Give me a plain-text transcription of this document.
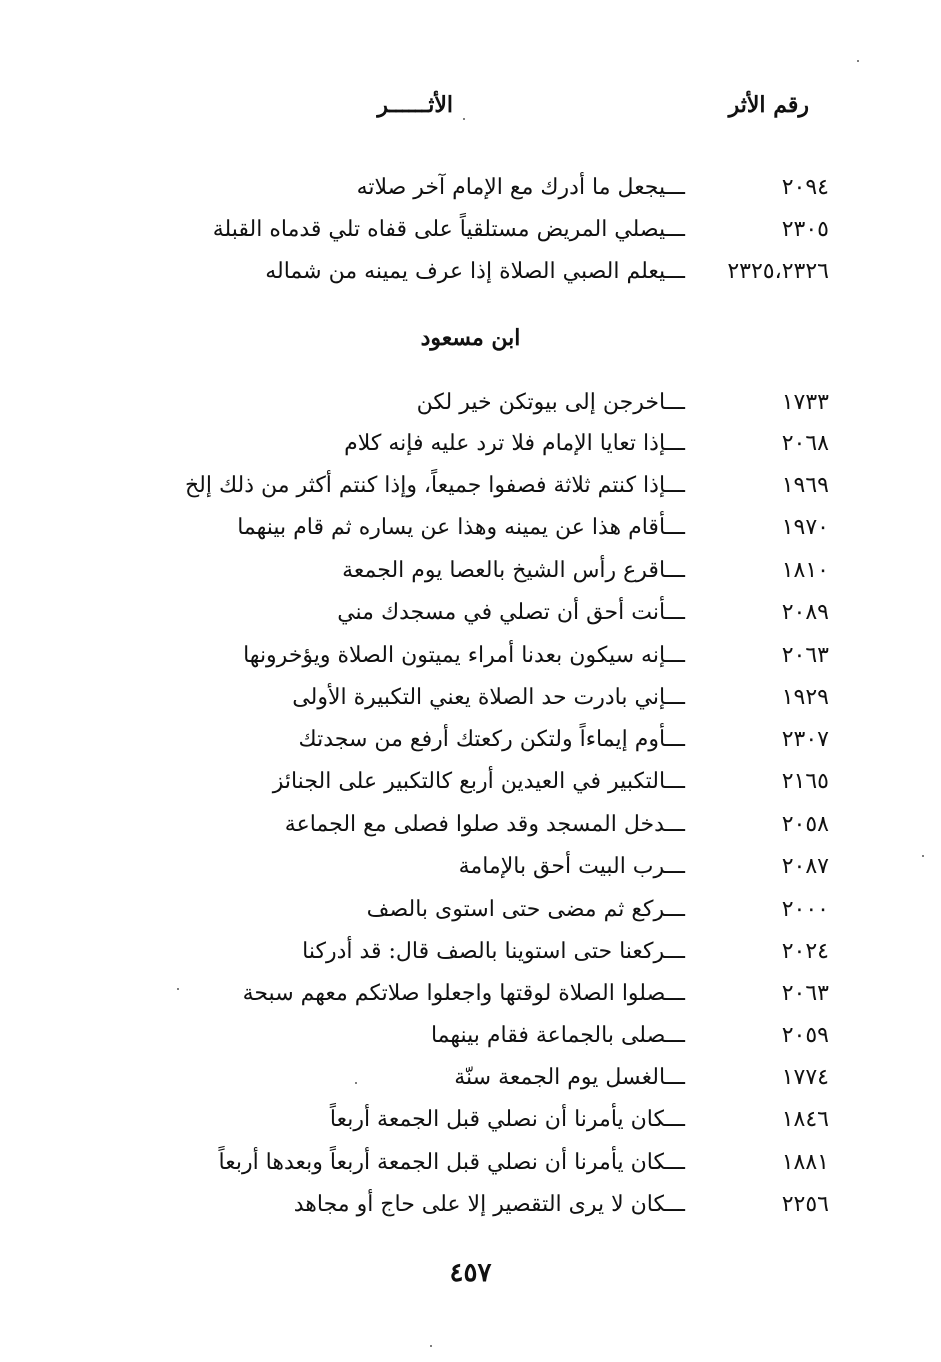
رقم الأثر
الأثــــــر
٢٠٩٤
ـــ يجعل ما أدرك مع الإمام آخر صلاته
٢٣٠٥
ـــ يصلي المريض مستلقياً على قفاه تلي قدماه القبلة
٢٣٢٥،٢٣٢٦
ـــ يعلم الصبي الصلاة إذا عرف يمينه من شماله
ابن مسعود
١٧٣٣
ـــ اخرجن إلى بيوتكن خير لكن
٢٠٦٨
ـــ إذا تعايا الإمام فلا ترد عليه فإنه كلام
١٩٦٩
ـــ إذا كنتم ثلاثة فصفوا جميعاً، وإذا كنتم أكثر من ذلك إلخ
١٩٧٠
ـــ أقام هذا عن يمينه وهذا عن يساره ثم قام بينهما
١٨١٠
ـــ اقرع رأس الشيخ بالعصا يوم الجمعة
٢٠٨٩
ـــ أنت أحق أن تصلي في مسجدك مني
٢٠٦٣
ـــ إنه سيكون بعدنا أمراء يميتون الصلاة ويؤخرونها
١٩٢٩
ـــ إني بادرت حد الصلاة يعني التكبيرة الأولى
٢٣٠٧
ـــ أوم إيماءاً ولتكن ركعتك أرفع من سجدتك
٢١٦٥
ـــ التكبير في العيدين أربع كالتكبير على الجنائز
٢٠٥٨
ـــ دخل المسجد وقد صلوا فصلى مع الجماعة
٢٠٨٧
ـــ رب البيت أحق بالإمامة
٢٠٠٠
ـــ ركع ثم مضى حتى استوى بالصف
٢٠٢٤
ـــ ركعنا حتى استوينا بالصف قال: قد أدركنا
٢٠٦٣
ـــ صلوا الصلاة لوقتها واجعلوا صلاتكم معهم سبحة
٢٠٥٩
ـــ صلى بالجماعة فقام بينهما
١٧٧٤
ـــ الغسل يوم الجمعة سنّة
١٨٤٦
ـــ كان يأمرنا أن نصلي قبل الجمعة أربعاً
١٨٨١
ـــ كان يأمرنا أن نصلي قبل الجمعة أربعاً وبعدها أربعاً
٢٢٥٦
ـــ كان لا يرى التقصير إلا على حاج أو مجاهد
٤٥٧
